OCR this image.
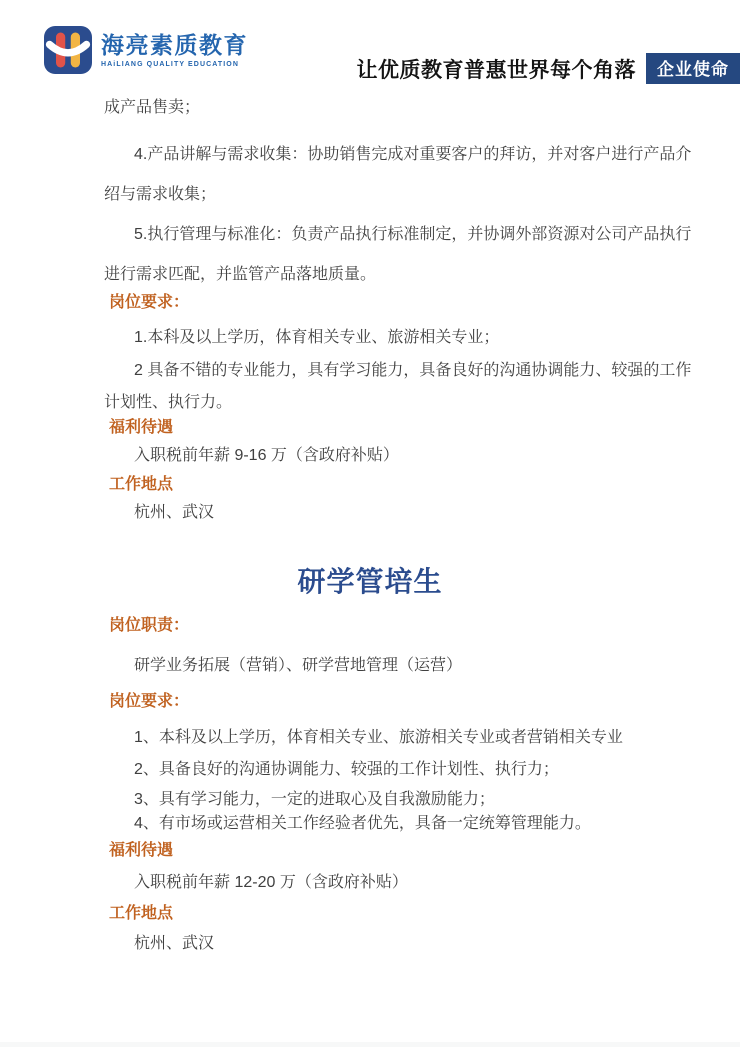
海亮素质教育
HAiLIANG QUALITY EDUCATION	让优质教育普惠世界每个角落	企业使命

成产品售卖；

4.产品讲解与需求收集：协助销售完成对重要客户的拜访，并对客户进行产品介绍与需求收集；

5.执行管理与标准化：负责产品执行标准制定，并协调外部资源对公司产品执行进行需求匹配，并监管产品落地质量。

岗位要求：

1.本科及以上学历，体育相关专业、旅游相关专业；

2 具备不错的专业能力，具有学习能力，具备良好的沟通协调能力、较强的工作计划性、执行力。

福利待遇

入职税前年薪 9-16 万（含政府补贴）

工作地点

杭州、武汉

研学管培生

岗位职责：

研学业务拓展（营销）、研学营地管理（运营）

岗位要求：

1、本科及以上学历，体育相关专业、旅游相关专业或者营销相关专业

2、具备良好的沟通协调能力、较强的工作计划性、执行力；

3、具有学习能力，一定的进取心及自我激励能力；

4、有市场或运营相关工作经验者优先，具备一定统筹管理能力。

福利待遇

入职税前年薪 12-20 万（含政府补贴）

工作地点

杭州、武汉
